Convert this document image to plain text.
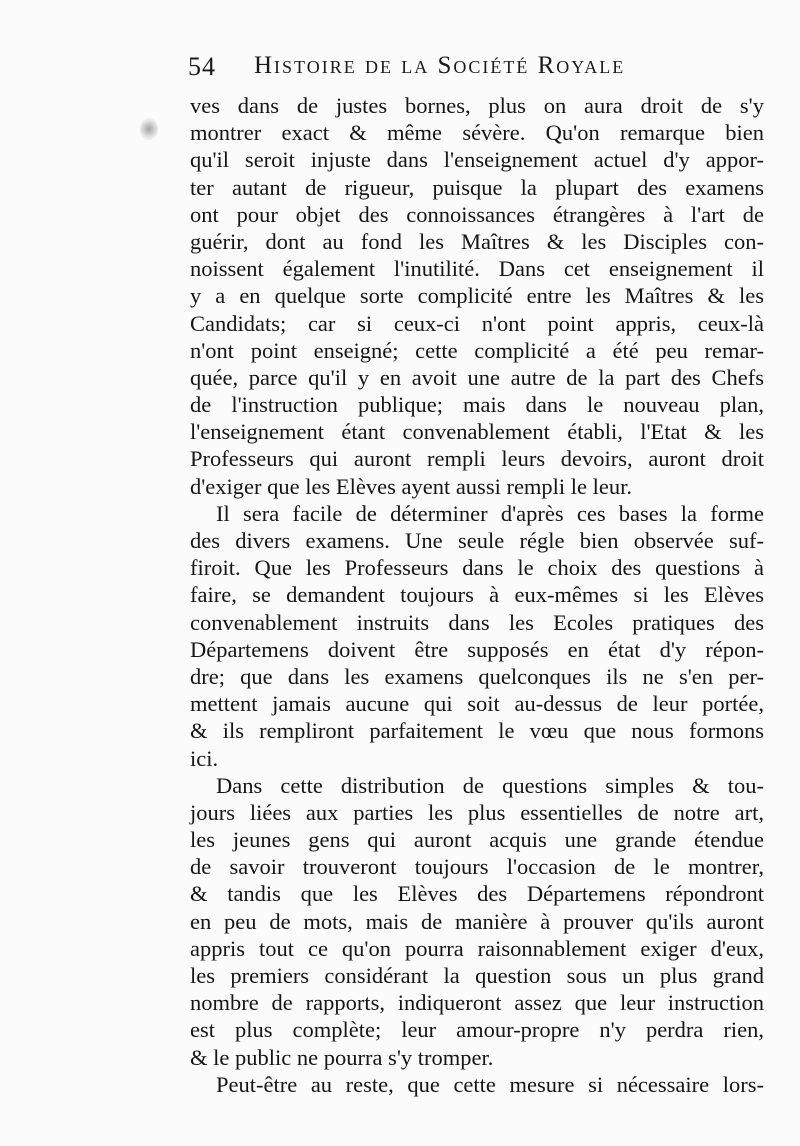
54 Histoire de la Société Royale
ves dans de justes bornes, plus on aura droit de s'y
montrer exact & même sévère. Qu'on remarque bien
qu'il seroit injuste dans l'enseignement actuel d'y appor-
ter autant de rigueur, puisque la plupart des examens
ont pour objet des connoissances étrangères à l'art de
guérir, dont au fond les Maîtres & les Disciples con-
noissent également l'inutilité. Dans cet enseignement il
y a en quelque sorte complicité entre les Maîtres & les
Candidats; car si ceux-ci n'ont point appris, ceux-là
n'ont point enseigné; cette complicité a été peu remar-
quée, parce qu'il y en avoit une autre de la part des Chefs
de l'instruction publique; mais dans le nouveau plan,
l'enseignement étant convenablement établi, l'Etat & les
Professeurs qui auront rempli leurs devoirs, auront droit
d'exiger que les Elèves ayent aussi rempli le leur.
Il sera facile de déterminer d'après ces bases la forme
des divers examens. Une seule régle bien observée suf-
firoit. Que les Professeurs dans le choix des questions à
faire, se demandent toujours à eux-mêmes si les Elèves
convenablement instruits dans les Ecoles pratiques des
Départemens doivent être supposés en état d'y répon-
dre; que dans les examens quelconques ils ne s'en per-
mettent jamais aucune qui soit au-dessus de leur portée,
& ils rempliront parfaitement le vœu que nous formons
ici.
Dans cette distribution de questions simples & tou-
jours liées aux parties les plus essentielles de notre art,
les jeunes gens qui auront acquis une grande étendue
de savoir trouveront toujours l'occasion de le montrer,
& tandis que les Elèves des Départemens répondront
en peu de mots, mais de manière à prouver qu'ils auront
appris tout ce qu'on pourra raisonnablement exiger d'eux,
les premiers considérant la question sous un plus grand
nombre de rapports, indiqueront assez que leur instruction
est plus complète; leur amour-propre n'y perdra rien,
& le public ne pourra s'y tromper.
Peut-être au reste, que cette mesure si nécessaire lors-
